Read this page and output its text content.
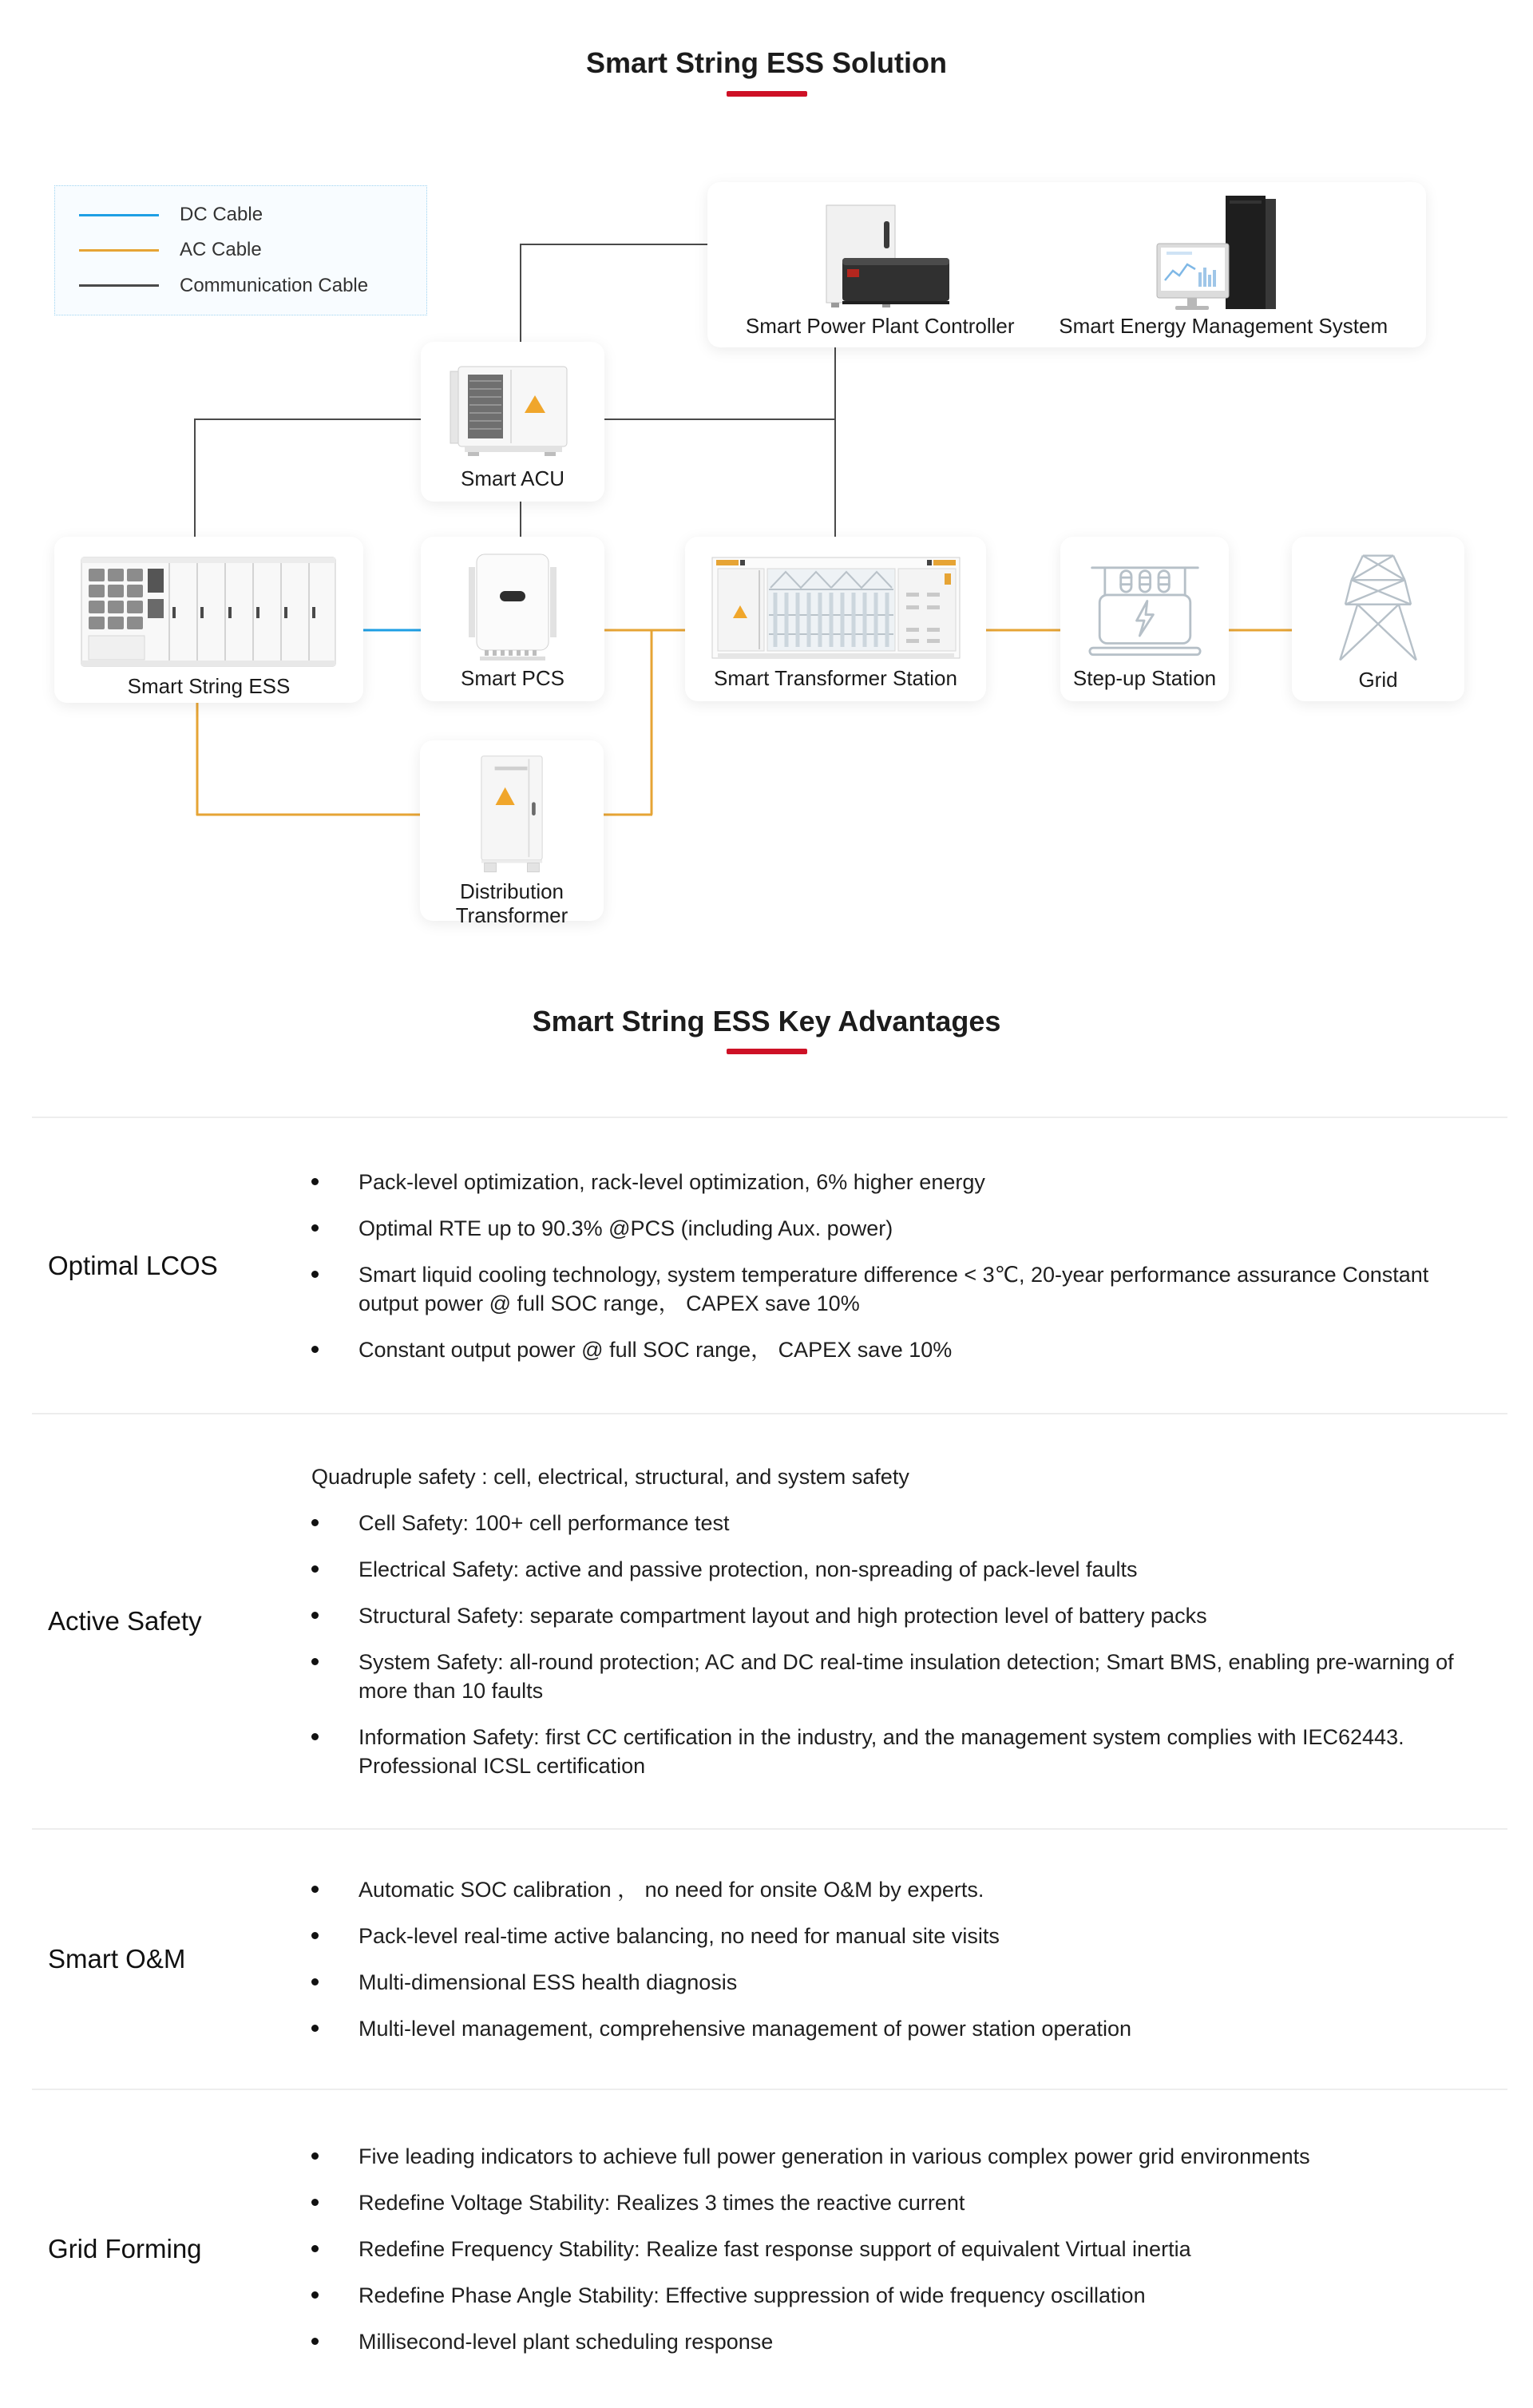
Smart String ESS Solution
DC Cable
AC Cable
Communication Cable
Smart Power Plant Controller Smart Energy Management System
Smart ACU
Smart String ESS	Smart PCS	Smart Transformer Station	Step-up Station	Grid
Distribution Transformer
Smart String ESS Key Advantages
Optimal LCOS
Pack-level optimization, rack-level optimization, 6% higher energy
Optimal RTE up to 90.3% @PCS (including Aux. power)
Smart liquid cooling technology, system temperature difference < 3℃, 20-year performance assurance Constant output power @ full SOC range， CAPEX save 10%
Constant output power @ full SOC range， CAPEX save 10%
Active Safety

Quadruple safety : cell, electrical, structural, and system safety

Cell Safety: 100+ cell performance test
Electrical Safety: active and passive protection, non-spreading of pack-level faults
Structural Safety: separate compartment layout and high protection level of battery packs
System Safety: all-round protection; AC and DC real-time insulation detection; Smart BMS, enabling pre-warning of more than 10 faults
Information Safety: first CC certification in the industry, and the management system complies with IEC62443. Professional ICSL certification
Smart O&M
Automatic SOC calibration ， no need for onsite O&M by experts.
Pack-level real-time active balancing, no need for manual site visits
Multi-dimensional ESS health diagnosis
Multi-level management, comprehensive management of power station operation
Grid Forming
Five leading indicators to achieve full power generation in various complex power grid environments
Redefine Voltage Stability: Realizes 3 times the reactive current
Redefine Frequency Stability: Realize fast response support of equivalent Virtual inertia
Redefine Phase Angle Stability: Effective suppression of wide frequency oscillation
Millisecond-level plant scheduling response
